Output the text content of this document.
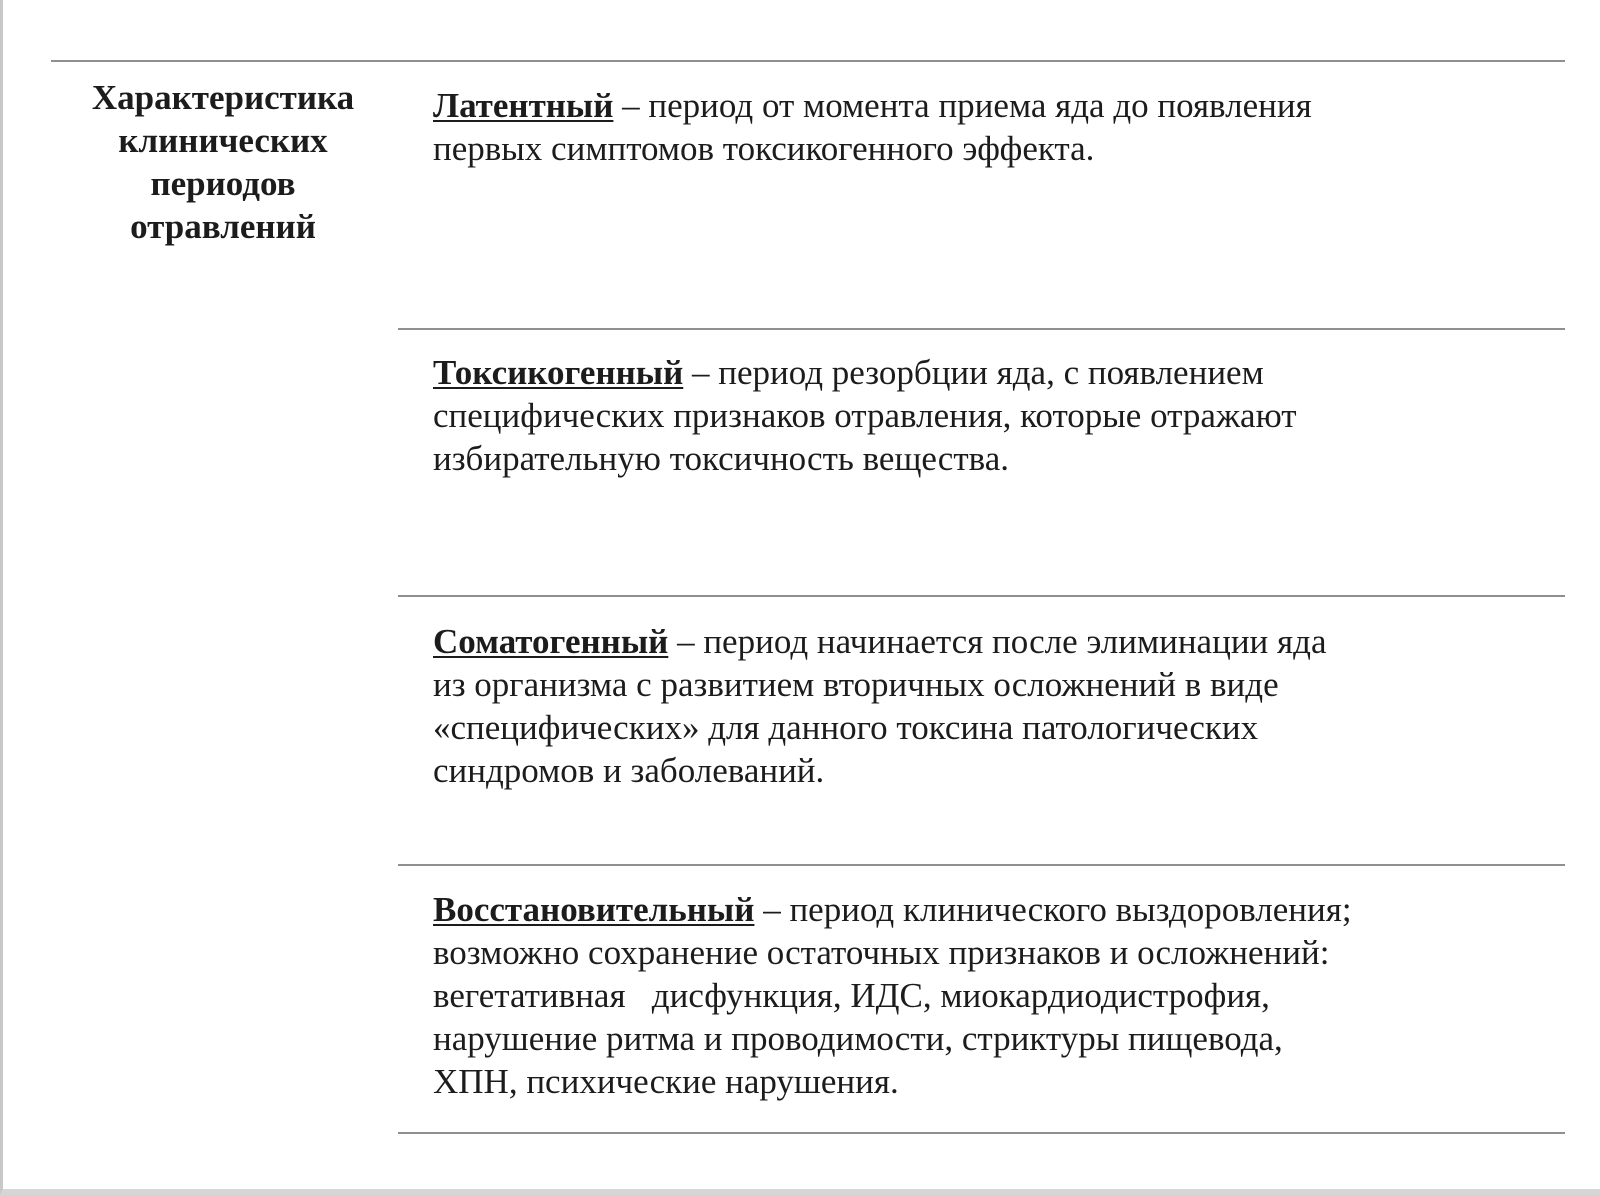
Характеристика
клинических
периодов
отравлений
Латентный – период от момента приема яда до появления
первых симптомов токсикогенного эффекта.
Токсикогенный – период резорбции яда, с появлением
специфических признаков отравления, которые отражают
избирательную токсичность вещества.
Соматогенный – период начинается после элиминации яда
из организма с развитием вторичных осложнений в виде
«специфических» для данного токсина патологических
синдромов и заболеваний.
Восстановительный – период клинического выздоровления;
возможно сохранение остаточных признаков и осложнений:
вегетативная   дисфункция, ИДС, миокардиодистрофия,
нарушение ритма и проводимости, стриктуры пищевода,
ХПН, психические нарушения.
